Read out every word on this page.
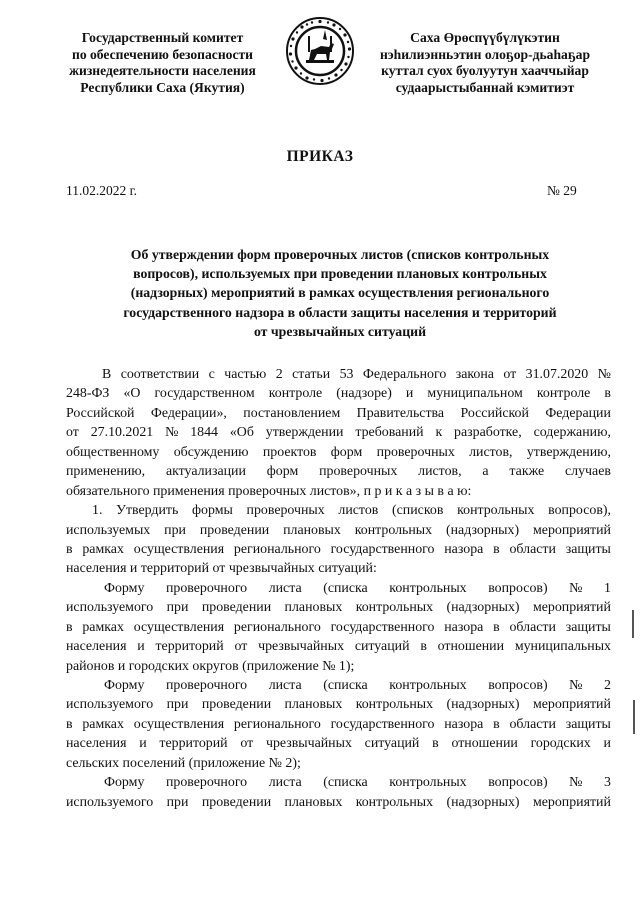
Государственный комитет
по обеспечению безопасности
жизнедеятельности населения
Республики Саха (Якутия)
Саха Өрөспүүбүлүкэтин
нэһилиэнньэтин олоҕор-дьаһаҕар
куттал суох буолуутун хааччыйар
судаарыстыбаннай кэмитиэт
ПРИКАЗ
11.02.2022 г.	№ 29
Об утверждении форм проверочных листов (списков контрольных
вопросов), используемых при проведении плановых контрольных
(надзорных) мероприятий в рамках осуществления регионального
государственного надзора в области защиты населения и территорий
от чрезвычайных ситуаций
В соответствии с частью 2 статьи 53 Федерального закона от 31.07.2020 №
248-ФЗ «О государственном контроле (надзоре) и муниципальном контроле в
Российской Федерации», постановлением Правительства Российской Федерации
от 27.10.2021 № 1844 «Об утверждении требований к разработке, содержанию,
общественному обсуждению проектов форм проверочных листов, утверждению,
применению, актуализации форм проверочных листов, а также случаев
обязательного применения проверочных листов», п р и к а з ы в а ю:
1. Утвердить формы проверочных листов (списков контрольных вопросов),
используемых при проведении плановых контрольных (надзорных) мероприятий
в рамках осуществления регионального государственного назора в области защиты
населения и территорий от чрезвычайных ситуаций:
Форму проверочного листа (списка контрольных вопросов) № 1
используемого при проведении плановых контрольных (надзорных) мероприятий
в рамках осуществления регионального государственного назора в области защиты
населения и территорий от чрезвычайных ситуаций в отношении муниципальных
районов и городских округов (приложение № 1);
Форму проверочного листа (списка контрольных вопросов) № 2
используемого при проведении плановых контрольных (надзорных) мероприятий
в рамках осуществления регионального государственного назора в области защиты
населения и территорий от чрезвычайных ситуаций в отношении городских и
сельских поселений (приложение № 2);
Форму проверочного листа (списка контрольных вопросов) № 3
используемого при проведении плановых контрольных (надзорных) мероприятий
